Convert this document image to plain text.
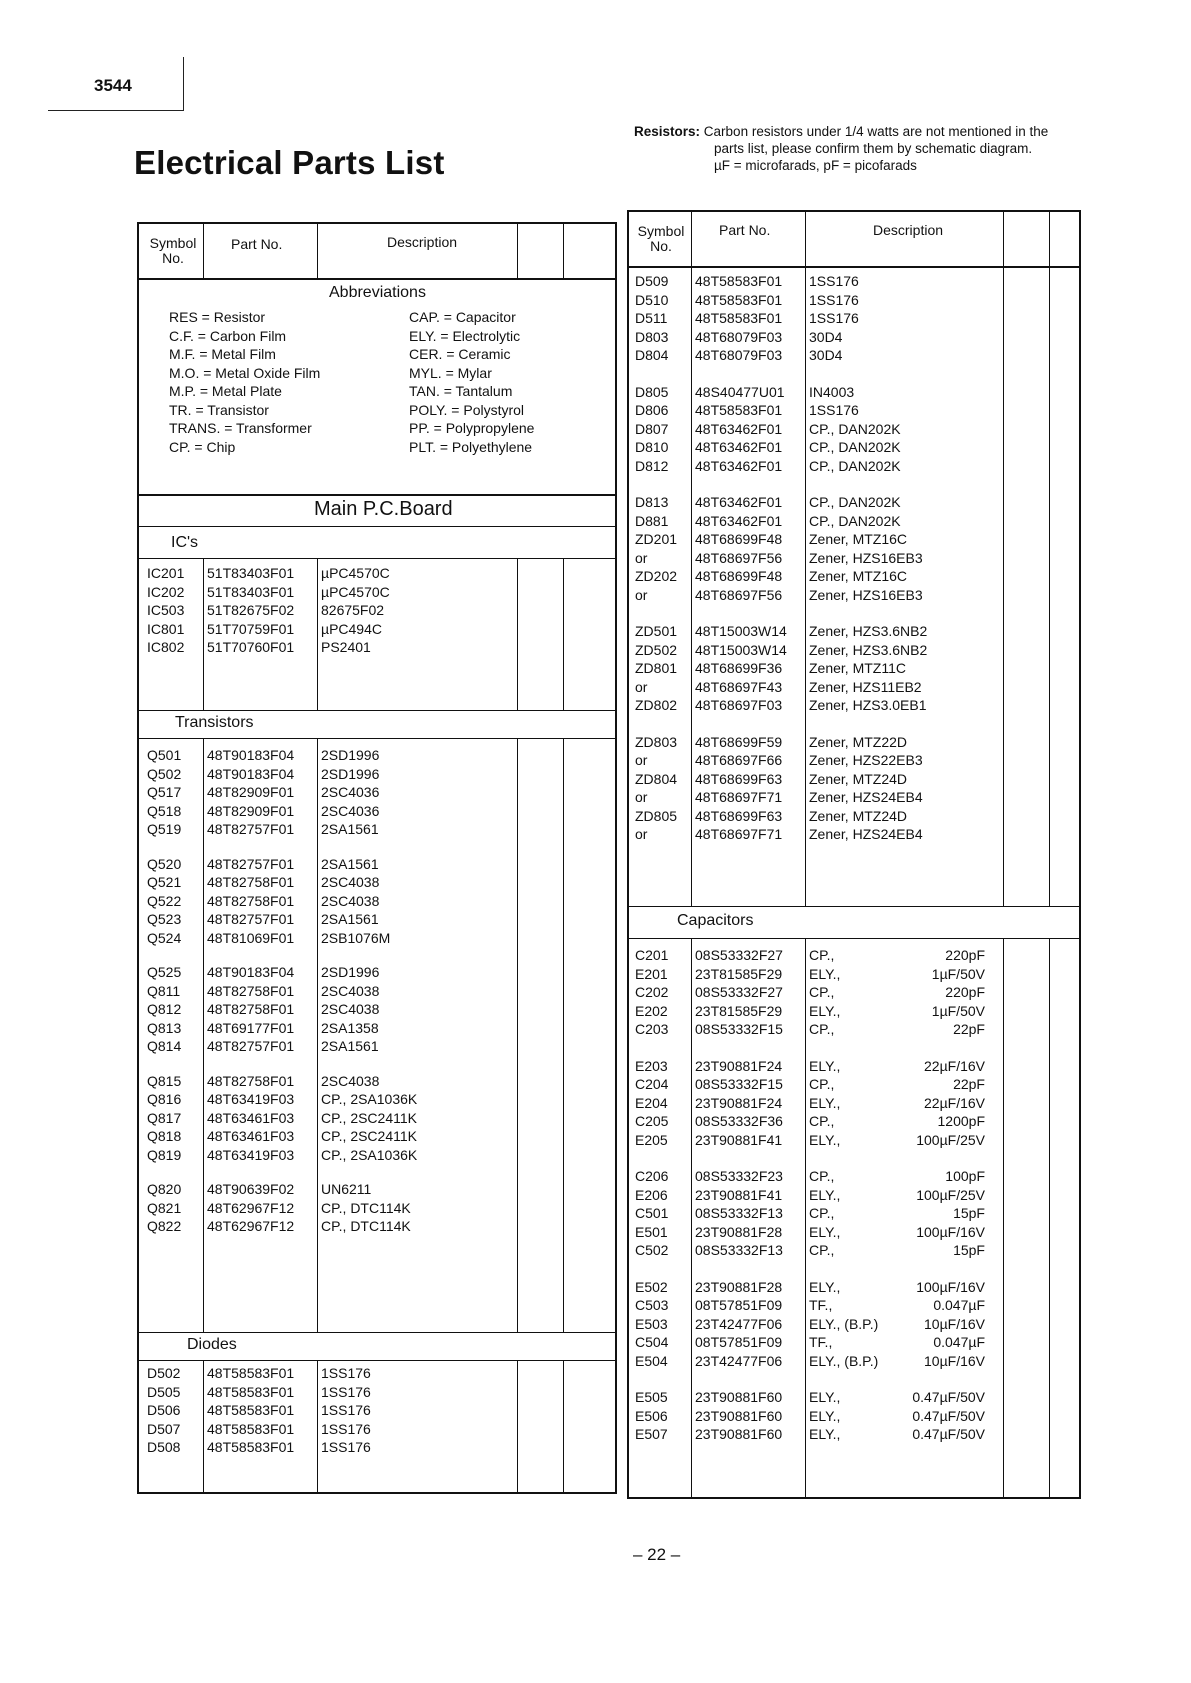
3544
Electrical Parts List
Resistors: Carbon resistors under 1/4 watts are not mentioned in the
parts list, please confirm them by schematic diagram.
µF = microfarads, pF = picofarads
Symbol No.
Part No.	Description
Abbreviations
RES = Resistor
C.F. = Carbon Film
M.F. = Metal Film
M.O. = Metal Oxide Film
M.P. = Metal Plate
TR. = Transistor
TRANS. = Transformer
CP. = Chip
CAP. = Capacitor
ELY. = Electrolytic
CER. = Ceramic
MYL. = Mylar
TAN. = Tantalum
POLY. = Polystyrol
PP. = Polypropylene
PLT. = Polyethylene
Main P.C.Board
IC's
Transistors
Diodes
IC201 51T83403F01 µPC4570C
IC202 51T83403F01 µPC4570C
IC503 51T82675F02 82675F02
IC801 51T70759F01 µPC494C
IC802 51T70760F01 PS2401
Q501 48T90183F04 2SD1996
Q502 48T90183F04 2SD1996
Q517 48T82909F01 2SC4036
Q518 48T82909F01 2SC4036
Q519 48T82757F01 2SA1561
Q520 48T82757F01 2SA1561
Q521 48T82758F01 2SC4038
Q522 48T82758F01 2SC4038
Q523 48T82757F01 2SA1561
Q524 48T81069F01 2SB1076M
Q525 48T90183F04 2SD1996
Q811 48T82758F01 2SC4038
Q812 48T82758F01 2SC4038
Q813 48T69177F01 2SA1358
Q814 48T82757F01 2SA1561
Q815 48T82758F01 2SC4038
Q816 48T63419F03 CP., 2SA1036K
Q817 48T63461F03 CP., 2SC2411K
Q818 48T63461F03 CP., 2SC2411K
Q819 48T63419F03 CP., 2SA1036K
Q820 48T90639F02 UN6211
Q821 48T62967F12 CP., DTC114K
Q822 48T62967F12 CP., DTC114K
D502 48T58583F01 1SS176
D505 48T58583F01 1SS176
D506 48T58583F01 1SS176
D507 48T58583F01 1SS176
D508 48T58583F01 1SS176
Symbol No.
Part No.	Description
Capacitors
D509 48T58583F01 1SS176
D510 48T58583F01 1SS176
D511 48T58583F01 1SS176
D803 48T68079F03 30D4
D804 48T68079F03 30D4
D805 48S40477U01 IN4003
D806 48T58583F01 1SS176
D807 48T63462F01 CP., DAN202K
D810 48T63462F01 CP., DAN202K
D812 48T63462F01 CP., DAN202K
D813 48T63462F01 CP., DAN202K
D881 48T63462F01 CP., DAN202K
ZD201 48T68699F48 Zener, MTZ16C
or	48T68697F56 Zener, HZS16EB3
ZD202 48T68699F48 Zener, MTZ16C
or	48T68697F56 Zener, HZS16EB3
ZD501 48T15003W14 Zener, HZS3.6NB2
ZD502 48T15003W14 Zener, HZS3.6NB2
ZD801 48T68699F36 Zener, MTZ11C
or	48T68697F43 Zener, HZS11EB2
ZD802 48T68697F03 Zener, HZS3.0EB1
ZD803 48T68699F59 Zener, MTZ22D
or	48T68697F66 Zener, HZS22EB3
ZD804 48T68699F63 Zener, MTZ24D
or	48T68697F71 Zener, HZS24EB4
ZD805 48T68699F63 Zener, MTZ24D
or	48T68697F71 Zener, HZS24EB4
C201 08S53332F27 CP.,	220pF
E201 23T81585F29 ELY.,	1µF/50V
C202 08S53332F27 CP.,	220pF
E202 23T81585F29 ELY.,	1µF/50V
C203 08S53332F15 CP.,	22pF
E203 23T90881F24 ELY.,	22µF/16V
C204 08S53332F15 CP.,	22pF
E204 23T90881F24 ELY.,	22µF/16V
C205 08S53332F36 CP.,	1200pF
E205 23T90881F41 ELY.,	100µF/25V
C206 08S53332F23 CP.,	100pF
E206 23T90881F41 ELY.,	100µF/25V
C501 08S53332F13 CP.,	15pF
E501 23T90881F28 ELY.,	100µF/16V
C502 08S53332F13 CP.,	15pF
E502 23T90881F28 ELY.,	100µF/16V
C503 08T57851F09 TF.,	0.047µF
E503 23T42477F06 ELY., (B.P.)	10µF/16V
C504 08T57851F09 TF.,	0.047µF
E504 23T42477F06 ELY., (B.P.)	10µF/16V
E505 23T90881F60 ELY.,	0.47µF/50V
E506 23T90881F60 ELY.,	0.47µF/50V
E507 23T90881F60 ELY.,	0.47µF/50V
– 22 –
